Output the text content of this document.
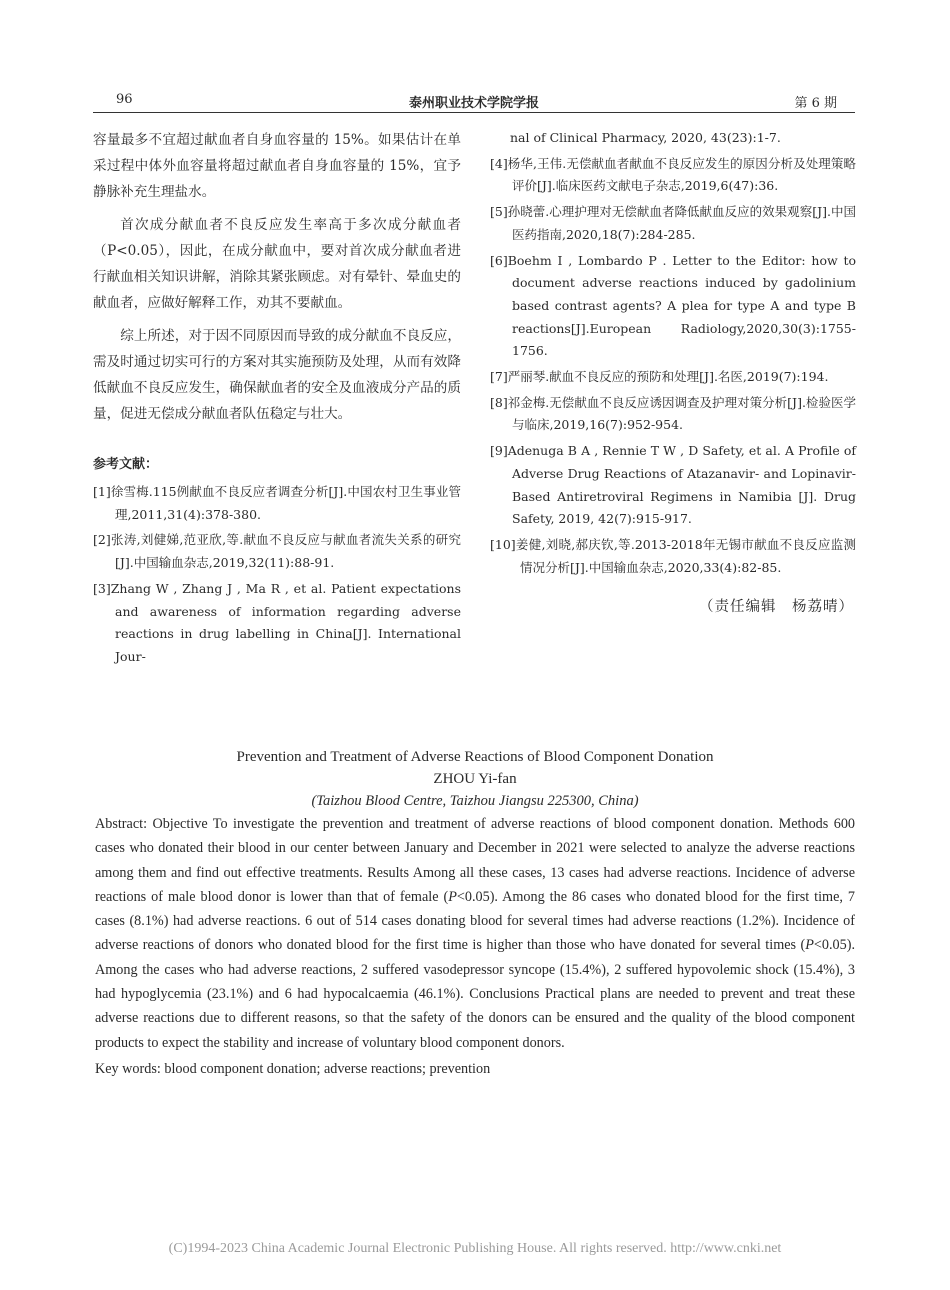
96	泰州职业技术学院学报	第 6 期

容量最多不宜超过献血者自身血容量的 15%。如果估计在单采过程中体外血容量将超过献血者自身血容量的 15%，宜予静脉补充生理盐水。

首次成分献血者不良反应发生率高于多次成分献血者（P<0.05），因此，在成分献血中，要对首次成分献血者进行献血相关知识讲解，消除其紧张顾虑。对有晕针、晕血史的献血者，应做好解释工作，劝其不要献血。

综上所述，对于因不同原因而导致的成分献血不良反应，需及时通过切实可行的方案对其实施预防及处理，从而有效降低献血不良反应发生，确保献血者的安全及血液成分产品的质量，促进无偿成分献血者队伍稳定与壮大。

参考文献：

[1]徐雪梅.115例献血不良反应者调查分析[J].中国农村卫生事业管理,2011,31(4):378-380.

[2]张涛,刘健娣,范亚欣,等.献血不良反应与献血者流失关系的研究[J].中国输血杂志,2019,32(11):88-91.

[3]Zhang W , Zhang J , Ma R , et al. Patient expectations and awareness of information regarding adverse reactions in drug labelling in China[J]. International Jour-

nal of Clinical Pharmacy, 2020, 43(23):1-7.

[4]杨华,王伟.无偿献血者献血不良反应发生的原因分析及处理策略评价[J].临床医药文献电子杂志,2019,6(47):36.

[5]孙晓蕾.心理护理对无偿献血者降低献血反应的效果观察[J].中国医药指南,2020,18(7):284-285.

[6]Boehm I , Lombardo P . Letter to the Editor: how to document adverse reactions induced by gadolinium based contrast agents? A plea for type A and type B reactions[J].European Radiology,2020,30(3):1755-1756.

[7]严丽琴.献血不良反应的预防和处理[J].名医,2019(7):194.

[8]祁金梅.无偿献血不良反应诱因调查及护理对策分析[J].检验医学与临床,2019,16(7):952-954.

[9]Adenuga B A , Rennie T W , D Safety, et al. A Profile of Adverse Drug Reactions of Atazanavir- and Lopinavir-Based Antiretroviral Regimens in Namibia [J]. Drug Safety, 2019, 42(7):915-917.

[10]姜健,刘晓,郝庆钦,等.2013-2018年无锡市献血不良反应监测情况分析[J].中国输血杂志,2020,33(4):82-85.

（责任编辑　杨荔晴）
Prevention and Treatment of Adverse Reactions of Blood Component Donation
ZHOU Yi-fan
(Taizhou Blood Centre, Taizhou Jiangsu 225300, China)

Abstract: Objective To investigate the prevention and treatment of adverse reactions of blood component donation. Methods 600 cases who donated their blood in our center between January and December in 2021 were selected to analyze the adverse reactions among them and find out effective treatments. Results Among all these cases, 13 cases had adverse reactions. Incidence of adverse reactions of male blood donor is lower than that of female (P<0.05). Among the 86 cases who donated blood for the first time, 7 cases (8.1%) had adverse reactions. 6 out of 514 cases donating blood for several times had adverse reactions (1.2%). Incidence of adverse reactions of donors who donated blood for the first time is higher than those who have donated for several times (P<0.05). Among the cases who had adverse reactions, 2 suffered vasodepressor syncope (15.4%), 2 suffered hypovolemic shock (15.4%), 3 had hypoglycemia (23.1%) and 6 had hypocalcaemia (46.1%). Conclusions Practical plans are needed to prevent and treat these adverse reactions due to different reasons, so that the safety of the donors can be ensured and the quality of the blood component products to expect the stability and increase of voluntary blood component donors.

Key words: blood component donation; adverse reactions; prevention

(C)1994-2023 China Academic Journal Electronic Publishing House. All rights reserved. http://www.cnki.net
